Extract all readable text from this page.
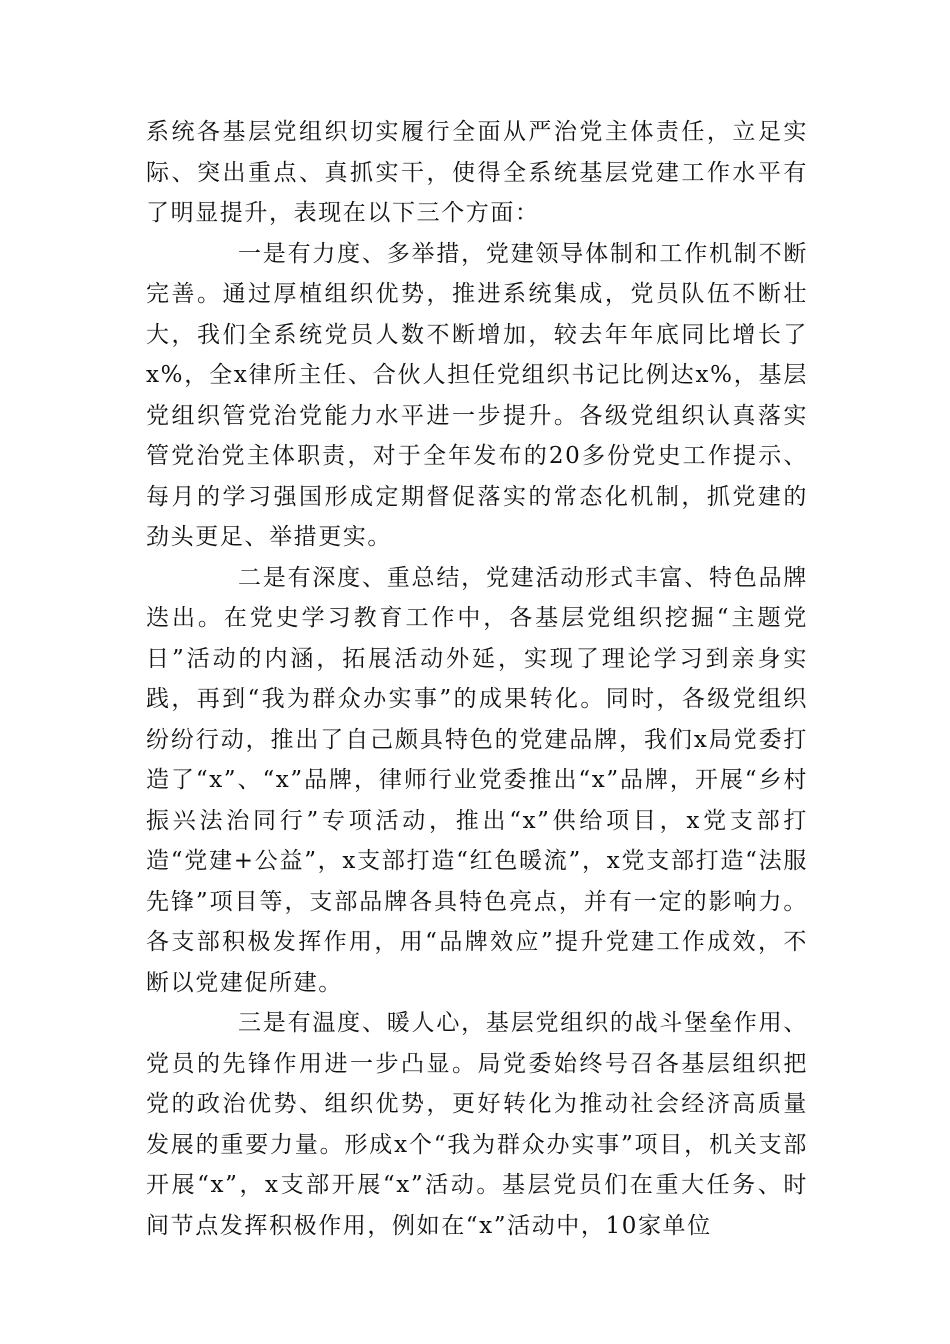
系统各基层党组织切实履行全面从严治党主体责任，立足实际、突出重点、真抓实干，使得全系统基层党建工作水平有了明显提升，表现在以下三个方面：

一是有力度、多举措，党建领导体制和工作机制不断完善。通过厚植组织优势，推进系统集成，党员队伍不断壮大，我们全系统党员人数不断增加，较去年年底同比增长了x%，全x律所主任、合伙人担任党组织书记比例达x%，基层党组织管党治党能力水平进一步提升。各级党组织认真落实管党治党主体职责，对于全年发布的20多份党史工作提示、每月的学习强国形成定期督促落实的常态化机制，抓党建的劲头更足、举措更实。

二是有深度、重总结，党建活动形式丰富、特色品牌迭出。在党史学习教育工作中，各基层党组织挖掘“主题党日”活动的内涵，拓展活动外延，实现了理论学习到亲身实践，再到“我为群众办实事”的成果转化。同时，各级党组织纷纷行动，推出了自己颇具特色的党建品牌，我们x局党委打造了“x”、“x”品牌，律师行业党委推出“x”品牌，开展“乡村振兴法治同行”专项活动，推出“x”供给项目，x党支部打造“党建+公益”，x支部打造“红色暖流”，x党支部打造“法服先锋”项目等，支部品牌各具特色亮点，并有一定的影响力。各支部积极发挥作用，用“品牌效应”提升党建工作成效，不断以党建促所建。

三是有温度、暖人心，基层党组织的战斗堡垒作用、党员的先锋作用进一步凸显。局党委始终号召各基层组织把党的政治优势、组织优势，更好转化为推动社会经济高质量发展的重要力量。形成x个“我为群众办实事”项目，机关支部开展“x”，x支部开展“x”活动。基层党员们在重大任务、时间节点发挥积极作用，例如在“x”活动中，10家单位
